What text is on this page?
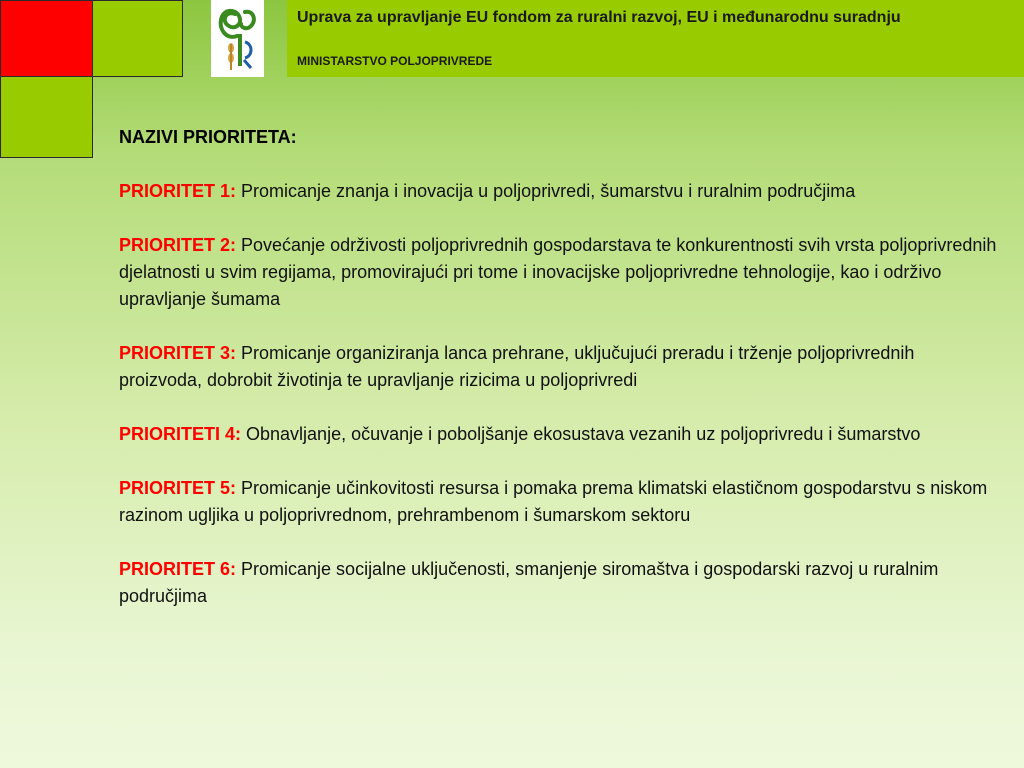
Uprava za upravljanje EU fondom za ruralni razvoj, EU i međunarodnu suradnju
MINISTARSTVO POLJOPRIVREDE
NAZIVI PRIORITETA:

PRIORITET 1: Promicanje znanja i inovacija u poljoprivredi, šumarstvu i ruralnim područjima

PRIORITET 2: Povećanje održivosti poljoprivrednih gospodarstava te konkurentnosti svih vrsta poljoprivrednih djelatnosti u svim regijama, promovirajući pri tome i inovacijske poljoprivredne tehnologije, kao i održivo upravljanje šumama

PRIORITET 3: Promicanje organiziranja lanca prehrane, uključujući preradu i trženje poljoprivrednih proizvoda, dobrobit životinja te upravljanje rizicima u poljoprivredi

PRIORITETI 4: Obnavljanje, očuvanje i poboljšanje ekosustava vezanih uz poljoprivredu i šumarstvo

PRIORITET 5: Promicanje učinkovitosti resursa i pomaka prema klimatski elastičnom gospodarstvu s niskom razinom ugljika u poljoprivrednom, prehrambenom i šumarskom sektoru

PRIORITET 6: Promicanje socijalne uključenosti, smanjenje siromaštva i gospodarski razvoj u ruralnim područjima
